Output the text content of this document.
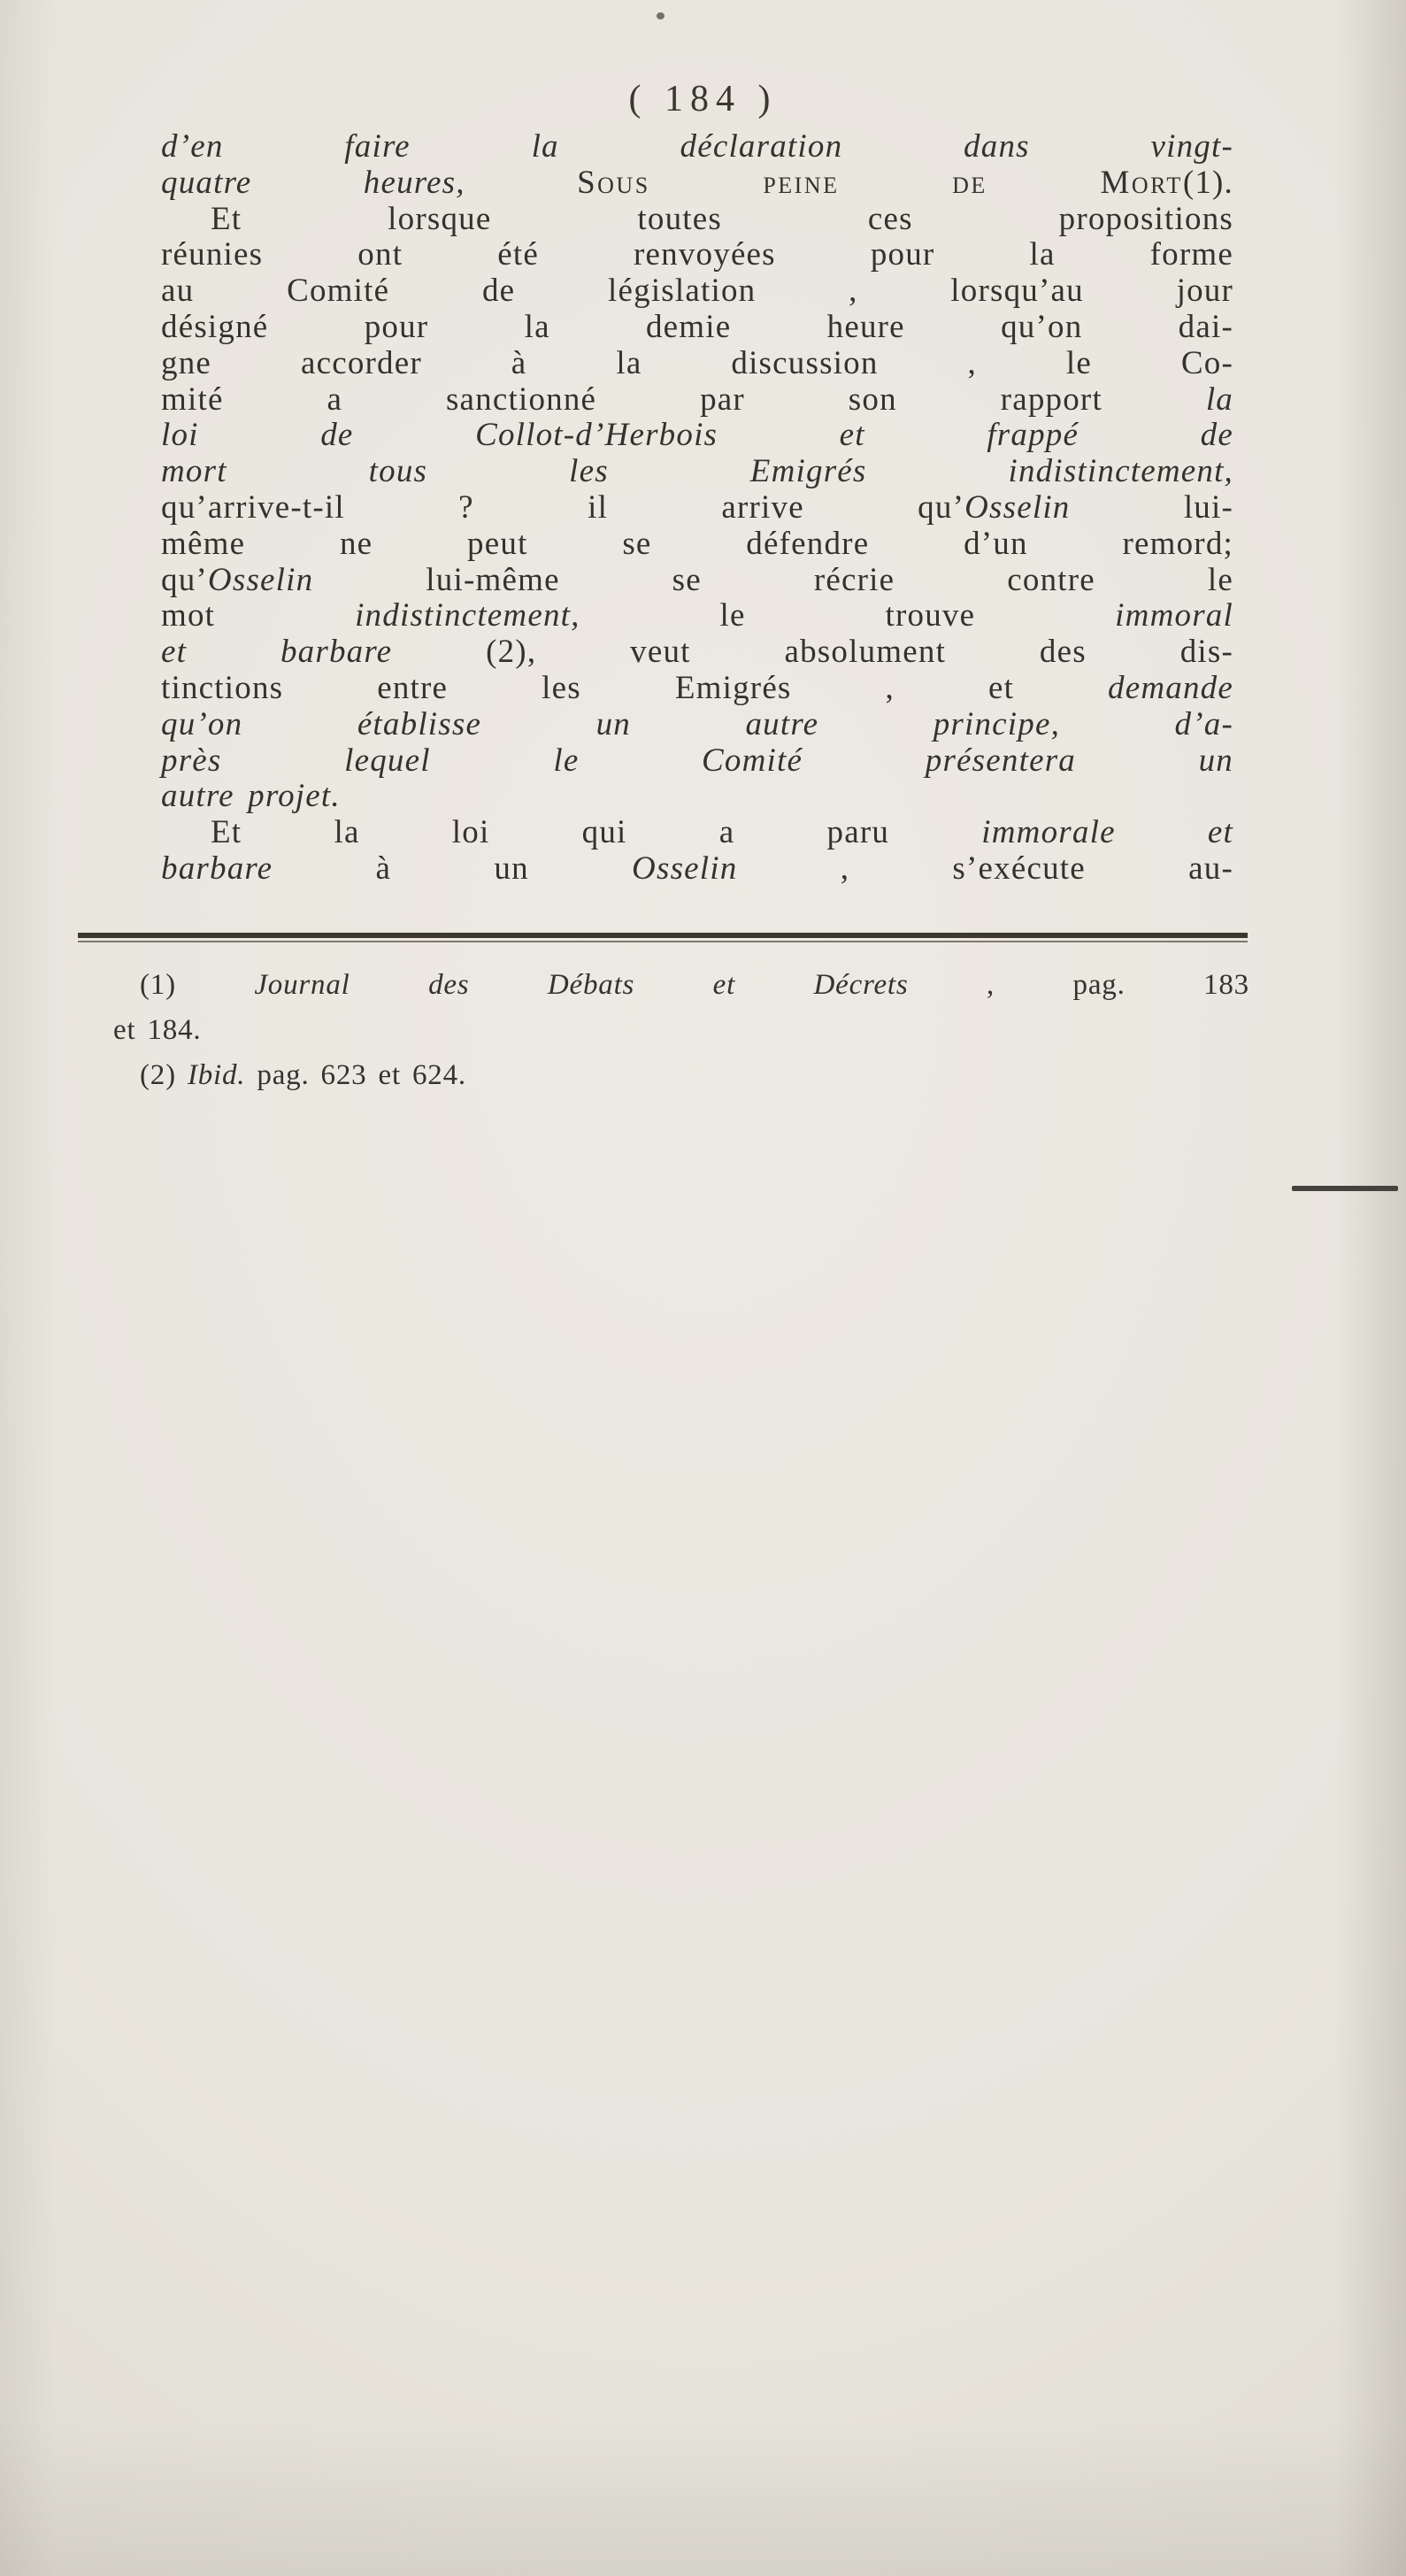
( 184 )
d’en faire la déclaration dans vingt-
quatre heures, Sous peine de Mort(1).
Et lorsque toutes ces propositions
réunies ont été renvoyées pour la forme
au Comité de législation , lorsqu’au jour
désigné pour la demie heure qu’on dai-
gne accorder à la discussion , le Co-
mité a sanctionné par son rapport la
loi de Collot-d’Herbois et frappé de
mort tous les Emigrés indistinctement,
qu’arrive-t-il ? il arrive qu’Osselin lui-
même ne peut se défendre d’un remord;
qu’Osselin lui-même se récrie contre le
mot indistinctement, le trouve immoral
et barbare (2), veut absolument des dis-
tinctions entre les Emigrés , et demande
qu’on établisse un autre principe, d’a-
près lequel le Comité présentera un
autre projet.
Et la loi qui a paru immorale et
barbare à un Osselin , s’exécute au-
(1) Journal des Débats et Décrets , pag. 183
et 184.
(2) Ibid. pag. 623 et 624.
